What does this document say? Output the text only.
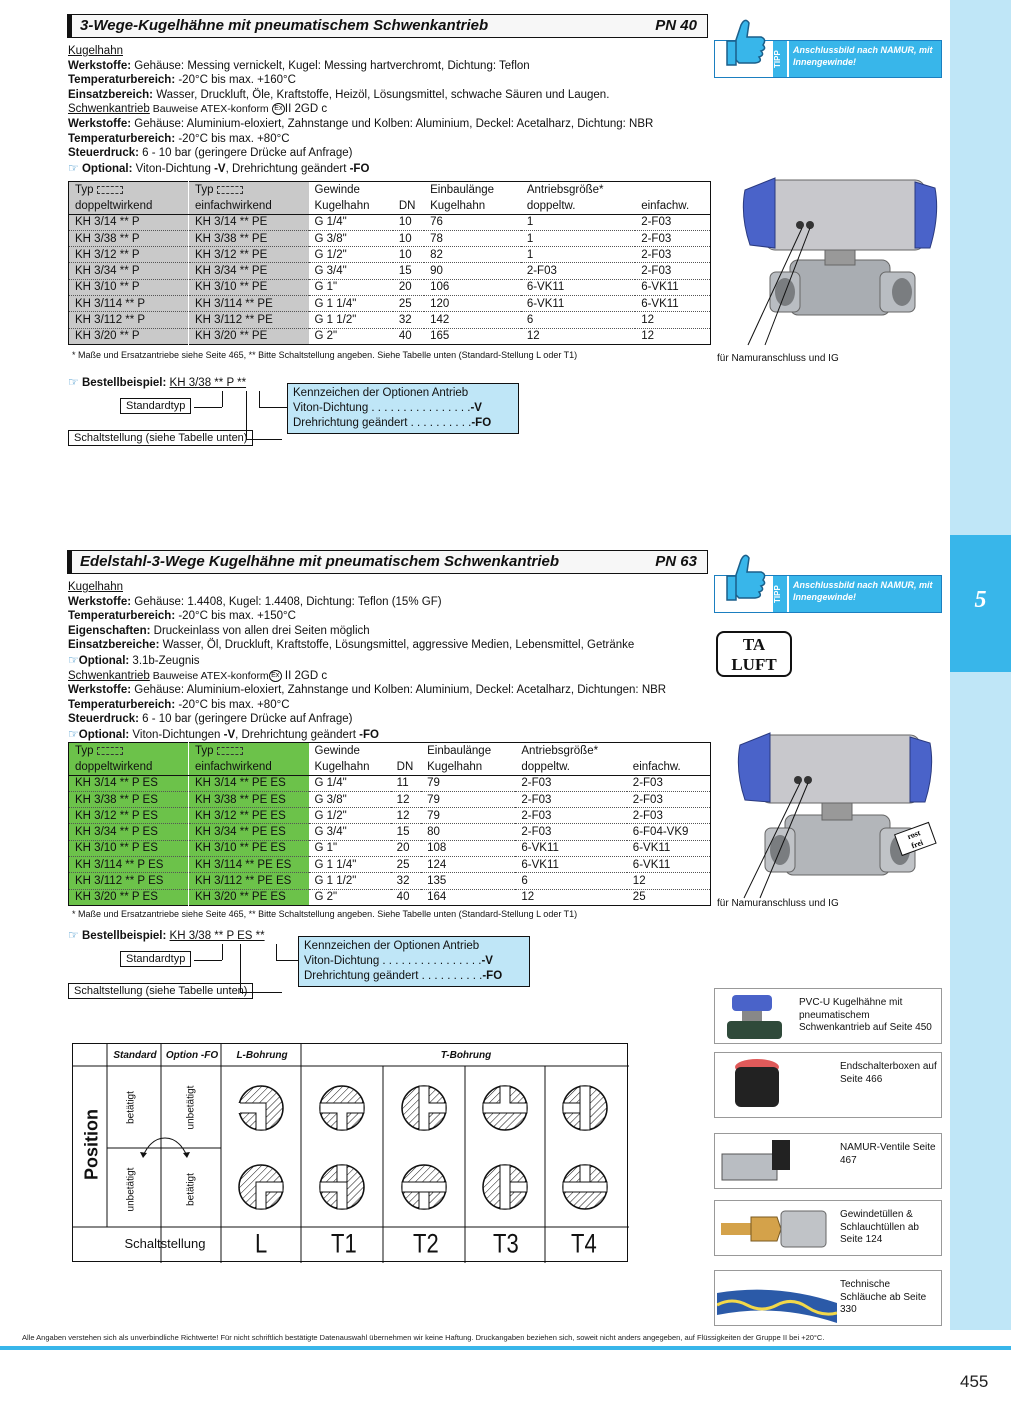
5
3-Wege-Kugelhähne mit pneumatischem Schwenkantrieb	PN 40
Kugelhahn
Werkstoffe: Gehäuse: Messing vernickelt, Kugel: Messing hartverchromt, Dichtung: Teflon
Temperaturbereich: -20°C bis max. +160°C
Einsatzbereich: Wasser, Druckluft, Öle, Kraftstoffe, Heizöl, Lösungsmittel, schwache Säuren und Laugen.
Schwenkantrieb Bauweise ATEX-konform Ex II 2GD c
Werkstoffe: Gehäuse: Aluminium-eloxiert, Zahnstange und Kolben: Aluminium, Deckel: Acetalharz, Dichtung: NBR
Temperaturbereich: -20°C bis max. +80°C
Steuerdruck: 6 - 10 bar (geringere Drücke auf Anfrage)
☞ Optional: Viton-Dichtung -V, Drehrichtung geändert -FO
Typ	Typ	Gewinde		Einbaulänge	Antriebsgröße*	
doppeltwirkend	einfachwirkend	Kugelhahn	DN	Kugelhahn	doppeltw.	einfachw.
KH 3/14 ** P	KH 3/14 ** PE	G 1/4"	10	76	1	2-F03
KH 3/38 ** P	KH 3/38 ** PE	G 3/8"	10	78	1	2-F03
KH 3/12 ** P	KH 3/12 ** PE	G 1/2"	10	82	1	2-F03
KH 3/34 ** P	KH 3/34 ** PE	G 3/4"	15	90	2-F03	2-F03
KH 3/10 ** P	KH 3/10 ** PE	G 1"	20	106	6-VK11	6-VK11
KH 3/114 ** P	KH 3/114 ** PE	G 1 1/4"	25	120	6-VK11	6-VK11
KH 3/112 ** P	KH 3/112 ** PE	G 1 1/2"	32	142	6	12
KH 3/20 ** P	KH 3/20 ** PE	G 2"	40	165	12	12
* Maße und Ersatzantriebe siehe Seite 465, ** Bitte Schaltstellung angeben. Siehe Tabelle unten (Standard-Stellung L oder T1)
☞ Bestellbeispiel: KH 3/38 ** P **
Standardtyp
Schaltstellung (siehe Tabelle unten)
Kennzeichen der Optionen Antrieb
Viton-Dichtung . . . . . . . . . . . . . . . .-V
Drehrichtung geändert . . . . . . . . . .-FO
TIPP
Anschlussbild nach NAMUR, mit Innengewinde!
für Namuranschluss und IG
Edelstahl-3-Wege Kugelhähne mit pneumatischem Schwenkantrieb	PN 63
Kugelhahn
Werkstoffe: Gehäuse: 1.4408, Kugel: 1.4408, Dichtung: Teflon (15% GF)
Temperaturbereich: -20°C bis max. +150°C
Eigenschaften: Druckeinlass von allen drei Seiten möglich
Einsatzbereiche: Wasser, Öl, Druckluft, Kraftstoffe, Lösungsmittel, aggressive Medien, Lebensmittel, Getränke
☞Optional: 3.1b-Zeugnis
Schwenkantrieb Bauweise ATEX-konform Ex II 2GD c
Werkstoffe: Gehäuse: Aluminium-eloxiert, Zahnstange und Kolben: Aluminium, Deckel: Acetalharz, Dichtungen: NBR
Temperaturbereich: -20°C bis max. +80°C
Steuerdruck: 6 - 10 bar (geringere Drücke auf Anfrage)
☞Optional: Viton-Dichtungen -V, Drehrichtung geändert -FO
Typ	Typ	Gewinde		Einbaulänge	Antriebsgröße*	
doppeltwirkend	einfachwirkend	Kugelhahn	DN	Kugelhahn	doppeltw.	einfachw.
KH 3/14 ** P ES	KH 3/14 ** PE ES	G 1/4"	11	79	2-F03	2-F03
KH 3/38 ** P ES	KH 3/38 ** PE ES	G 3/8"	12	79	2-F03	2-F03
KH 3/12 ** P ES	KH 3/12 ** PE ES	G 1/2"	12	79	2-F03	2-F03
KH 3/34 ** P ES	KH 3/34 ** PE ES	G 3/4"	15	80	2-F03	6-F04-VK9
KH 3/10 ** P ES	KH 3/10 ** PE ES	G 1"	20	108	6-VK11	6-VK11
KH 3/114 ** P ES	KH 3/114 ** PE ES	G 1 1/4"	25	124	6-VK11	6-VK11
KH 3/112 ** P ES	KH 3/112 ** PE ES	G 1 1/2"	32	135	6	12
KH 3/20 ** P ES	KH 3/20 ** PE ES	G 2"	40	164	12	25
* Maße und Ersatzantriebe siehe Seite 465, ** Bitte Schaltstellung angeben. Siehe Tabelle unten (Standard-Stellung L oder T1)
☞ Bestellbeispiel: KH 3/38 ** P ES **
Standardtyp
Schaltstellung (siehe Tabelle unten)
Kennzeichen der Optionen Antrieb
Viton-Dichtung . . . . . . . . . . . . . . . .-V
Drehrichtung geändert . . . . . . . . . .-FO
TIPP
Anschlussbild nach NAMUR, mit Innengewinde!
TA
LUFT
rost
frei
für Namuranschluss und IG
Standard Option -FO	L-Bohrung	T-Bohrung
Position
betätigt
unbetätigt
unbetätigt
betätigt
Schaltstellung	L	T1	T2 T3 T4
PVC-U Kugelhähne mit pneumatischem Schwenkantrieb auf Seite 450
Endschalterboxen auf Seite 466
NAMUR-Ventile Seite 467
Gewindetüllen & Schlauchtüllen ab Seite 124
Technische Schläuche ab Seite 330
Alle Angaben verstehen sich als unverbindliche Richtwerte! Für nicht schriftlich bestätigte Datenauswahl übernehmen wir keine Haftung. Druckangaben beziehen sich, soweit nicht anders angegeben, auf Flüssigkeiten der Gruppe II bei +20°C.
455
